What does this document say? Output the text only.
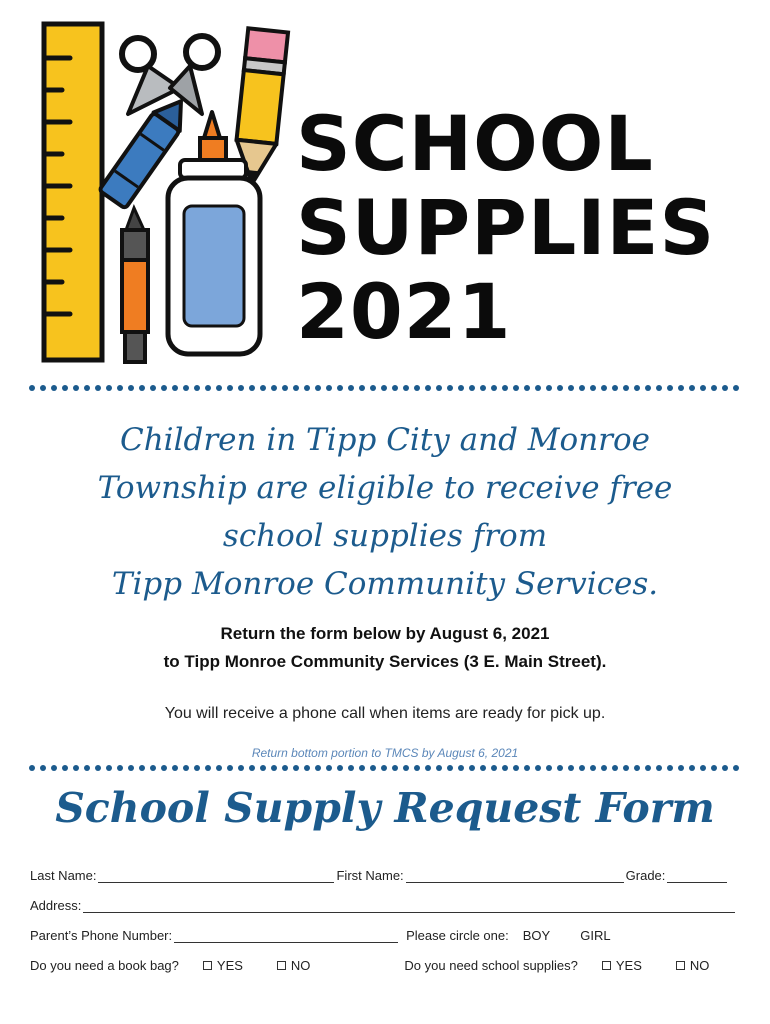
SCHOOL
SUPPLIES
2021
Children in Tipp City and Monroe
Township are eligible to receive free
school supplies from
Tipp Monroe Community Services.
Return the form below by August 6, 2021
to Tipp Monroe Community Services (3 E. Main Street).
You will receive a phone call when items are ready for pick up.
Return bottom portion to TMCS by August 6, 2021
School Supply Request Form
Last Name:	First Name:	Grade:
Address:
Parent’s Phone Number:	Please circle one: BOY GIRL
Do you need a book bag?	YES	NO	Do you need school supplies?	YES	NO
